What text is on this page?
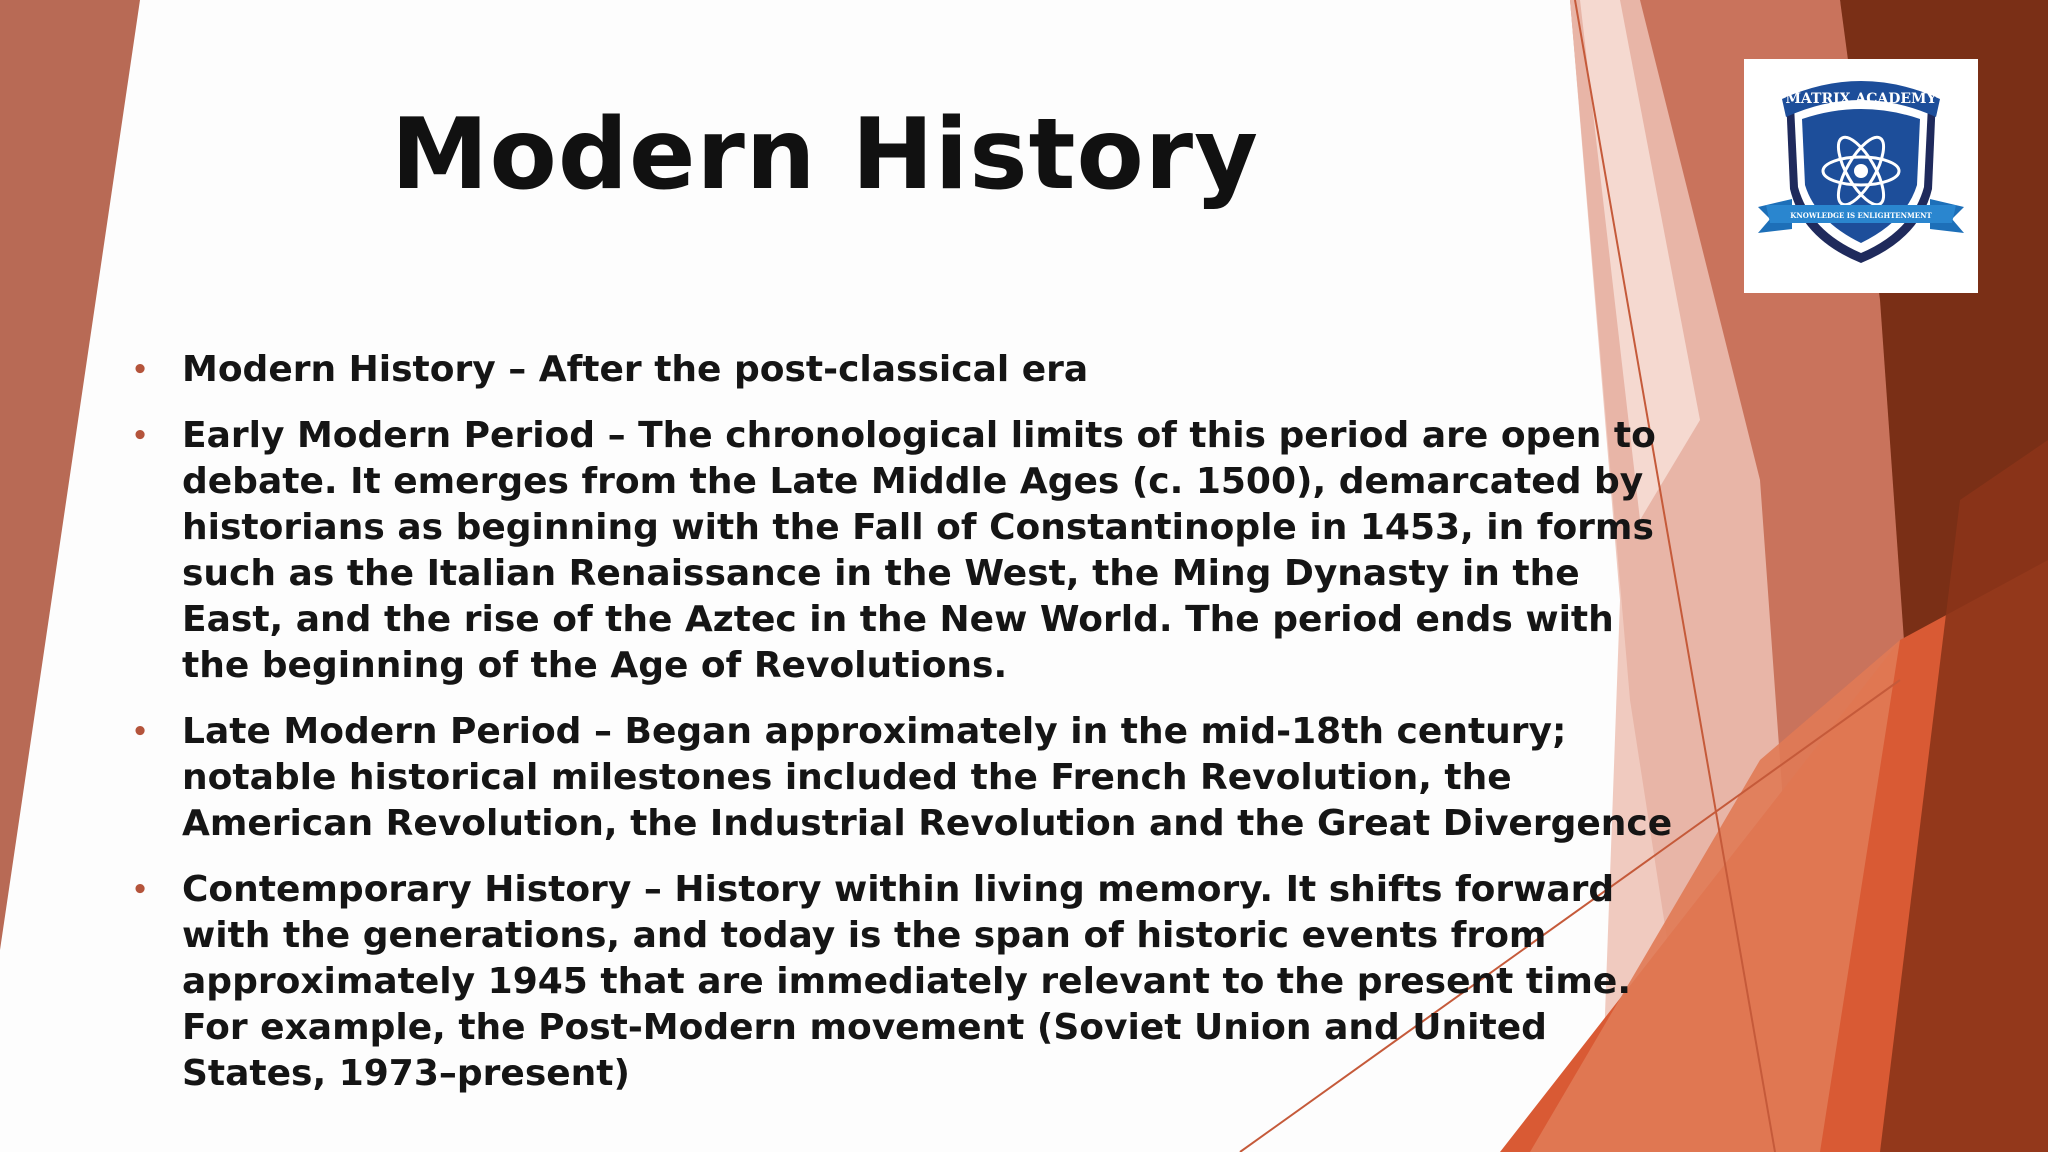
Modern History	MATRIX ACADEMY
KNOWLEDGE IS ENLIGHTENMENT
• Modern History – After the post-classical era
• Early Modern Period – The chronological limits of this period are open to debate. It emerges from the Late Middle Ages (c. 1500), demarcated by historians as beginning with the Fall of Constantinople in 1453, in forms such as the Italian Renaissance in the West, the Ming Dynasty in the East, and the rise of the Aztec in the New World. The period ends with the beginning of the Age of Revolutions.
• Late Modern Period – Began approximately in the mid-18th century; notable historical milestones included the French Revolution, the American Revolution, the Industrial Revolution and the Great Divergence
• Contemporary History – History within living memory. It shifts forward with the generations, and today is the span of historic events from approximately 1945 that are immediately relevant to the present time. For example, the Post-Modern movement (Soviet Union and United States, 1973–present)
